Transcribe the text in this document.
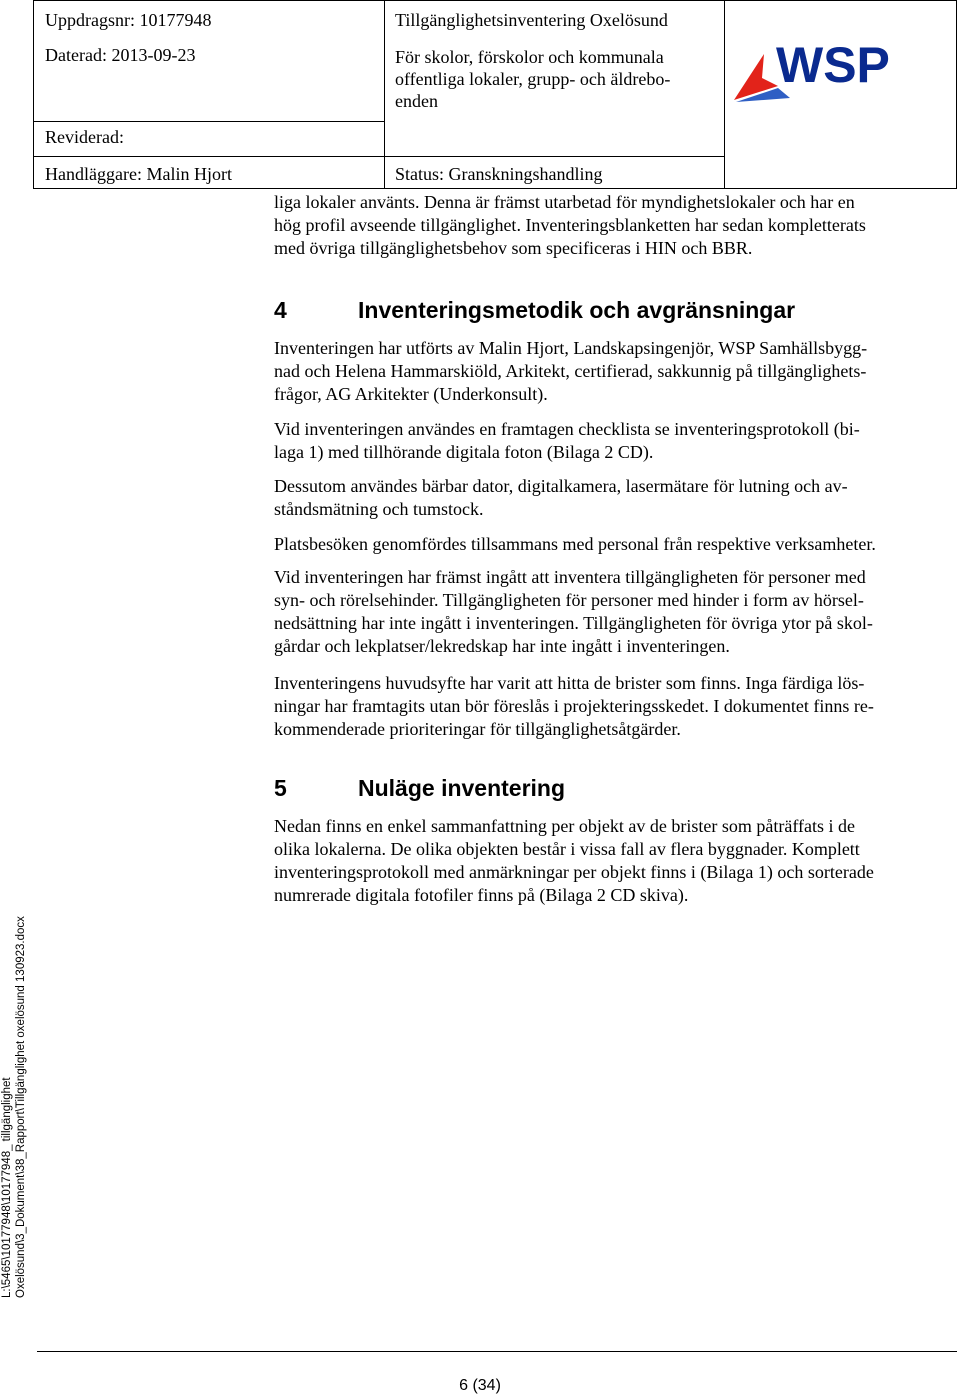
Uppdragsnr: 10177948
Daterad: 2013-09-23
Reviderad:
Handläggare: Malin Hjort
Tillgänglighetsinventering Oxelösund
För skolor, förskolor och kommunala
offentliga lokaler, grupp- och äldrebo-
enden
Status: Granskningshandling
WSP
liga lokaler använts. Denna är främst utarbetad för myndighetslokaler och har en
hög profil avseende tillgänglighet. Inventeringsblanketten har sedan kompletterats
med övriga tillgänglighetsbehov som specificeras i HIN och BBR.
4	Inventeringsmetodik och avgränsningar
Inventeringen har utförts av Malin Hjort, Landskapsingenjör, WSP Samhällsbygg-
nad och Helena Hammarskiöld, Arkitekt, certifierad, sakkunnig på tillgänglighets-
frågor, AG Arkitekter (Underkonsult).
Vid inventeringen användes en framtagen checklista se inventeringsprotokoll (bi-
laga 1) med tillhörande digitala foton (Bilaga 2 CD).
Dessutom användes bärbar dator, digitalkamera, lasermätare för lutning och av-
ståndsmätning och tumstock.
Platsbesöken genomfördes tillsammans med personal från respektive verksamheter.
Vid inventeringen har främst ingått att inventera tillgängligheten för personer med
syn- och rörelsehinder. Tillgängligheten för personer med hinder i form av hörsel-
nedsättning har inte ingått i inventeringen. Tillgängligheten för övriga ytor på skol-
gårdar och lekplatser/lekredskap har inte ingått i inventeringen.
Inventeringens huvudsyfte har varit att hitta de brister som finns. Inga färdiga lös-
ningar har framtagits utan bör föreslås i projekteringsskedet. I dokumentet finns re-
kommenderade prioriteringar för tillgänglighetsåtgärder.
5	Nuläge inventering
Nedan finns en enkel sammanfattning per objekt av de brister som påträffats i de
olika lokalerna. De olika objekten består i vissa fall av flera byggnader. Komplett
inventeringsprotokoll med anmärkningar per objekt finns i (Bilaga 1) och sorterade
numrerade digitala fotofiler finns på (Bilaga 2 CD skiva).
L:\5465\10177948\10177948_ tillgänglighet Oxelösund\3_Dokument\38_Rapport\Tillgänglighet oxelösund 130923.docx
6 (34)
